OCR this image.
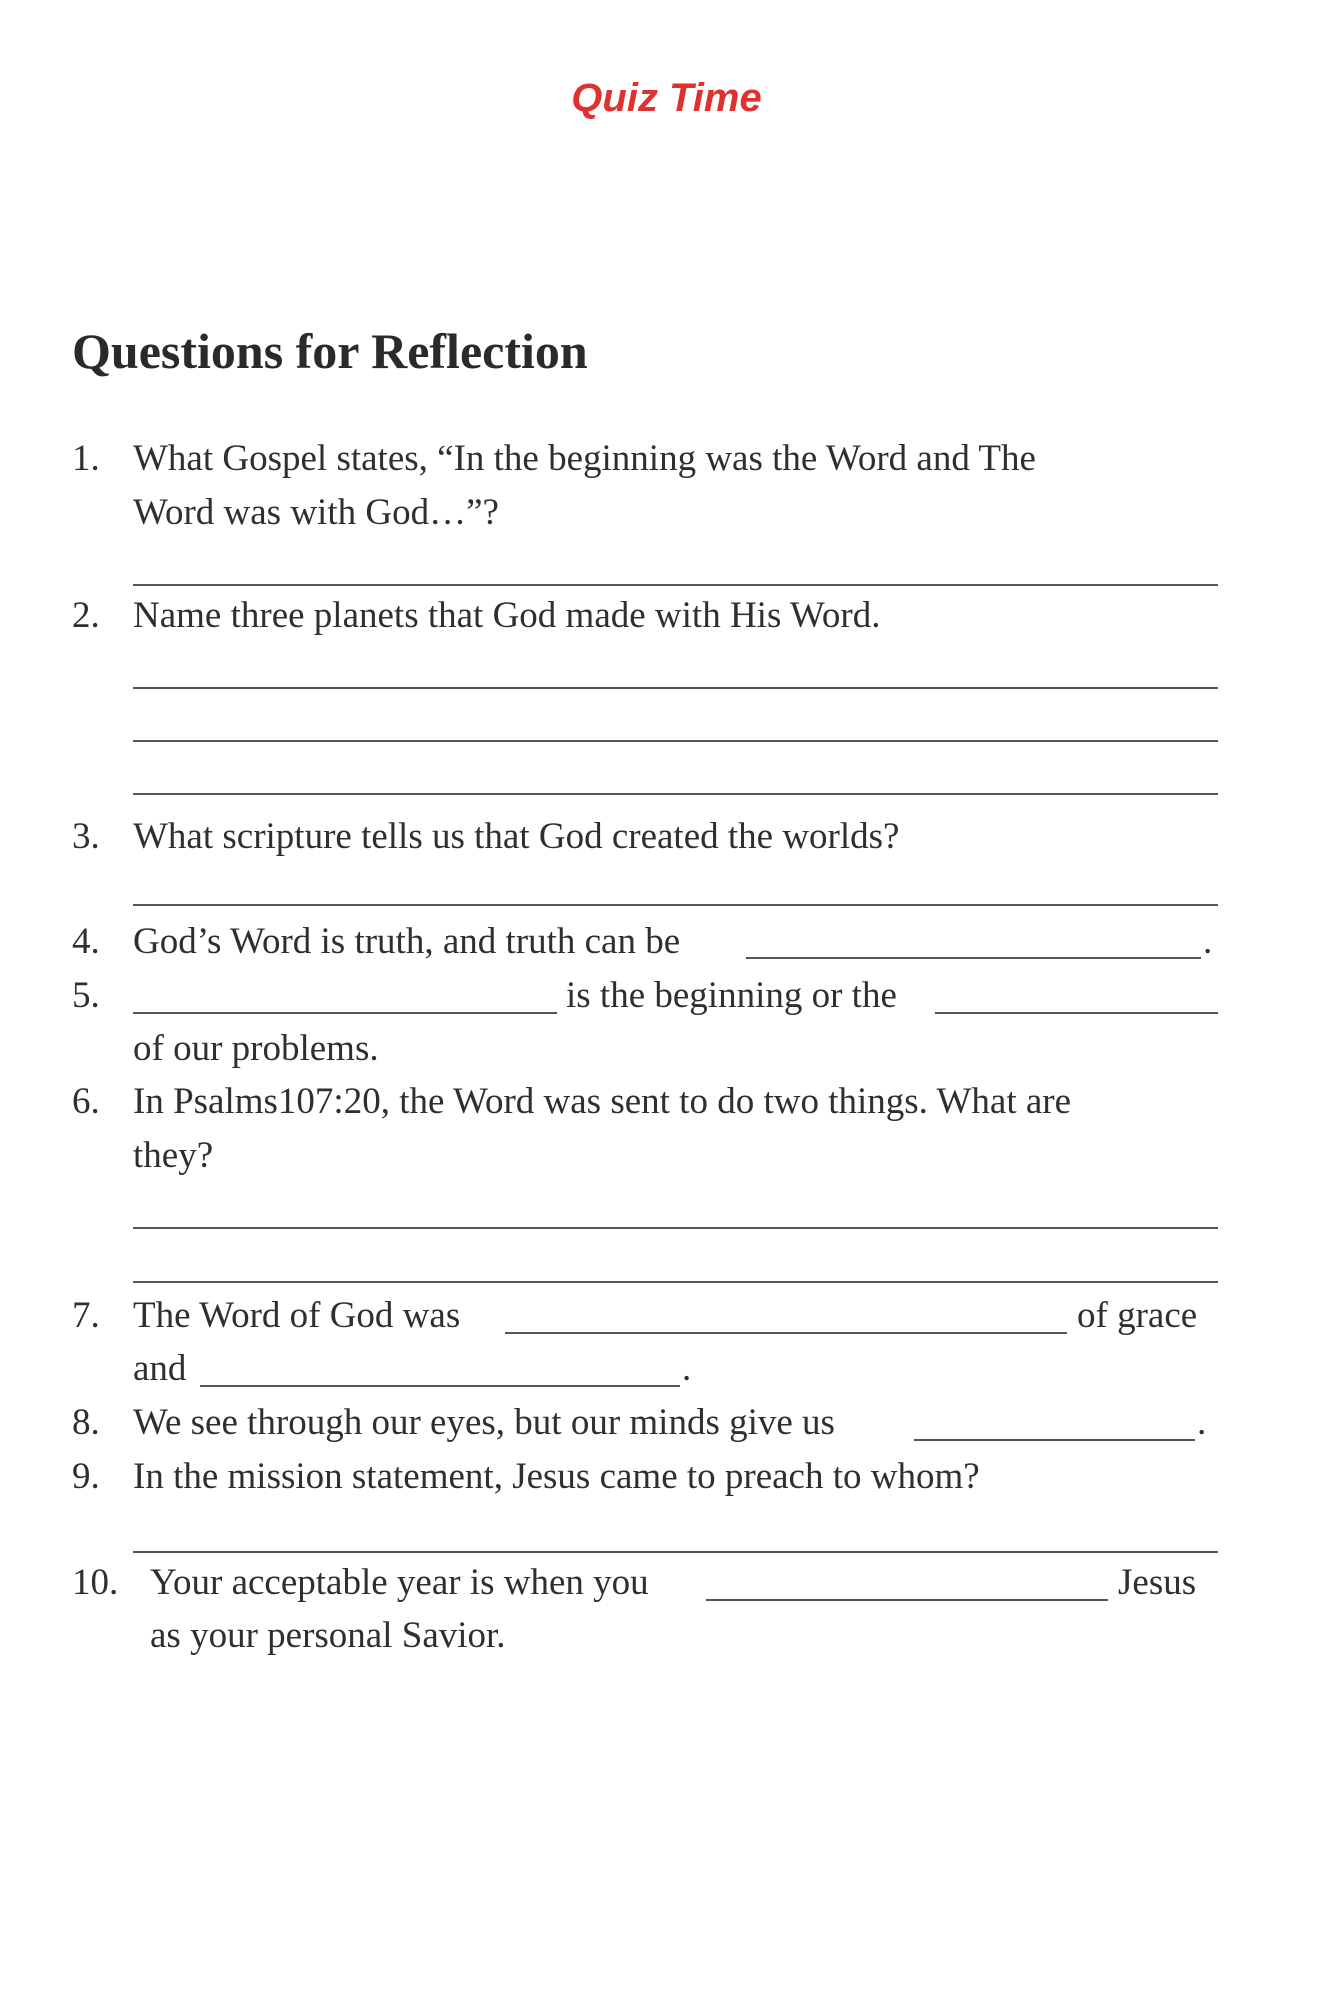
Quiz Time
Questions for Reflection
1. What Gospel states, “In the beginning was the Word and The
Word was with God…”?
2. Name three planets that God made with His Word.
3. What scripture tells us that God created the worlds?
4. God’s Word is truth, and truth can be	.
5.	is the beginning or the
of our problems.
6. In Psalms107:20, the Word was sent to do two things. What are
they?
7. The Word of God was	of grace
and	.
8. We see through our eyes, but our minds give us	.
9. In the mission statement, Jesus came to preach to whom?
10. Your acceptable year is when you	Jesus
as your personal Savior.
